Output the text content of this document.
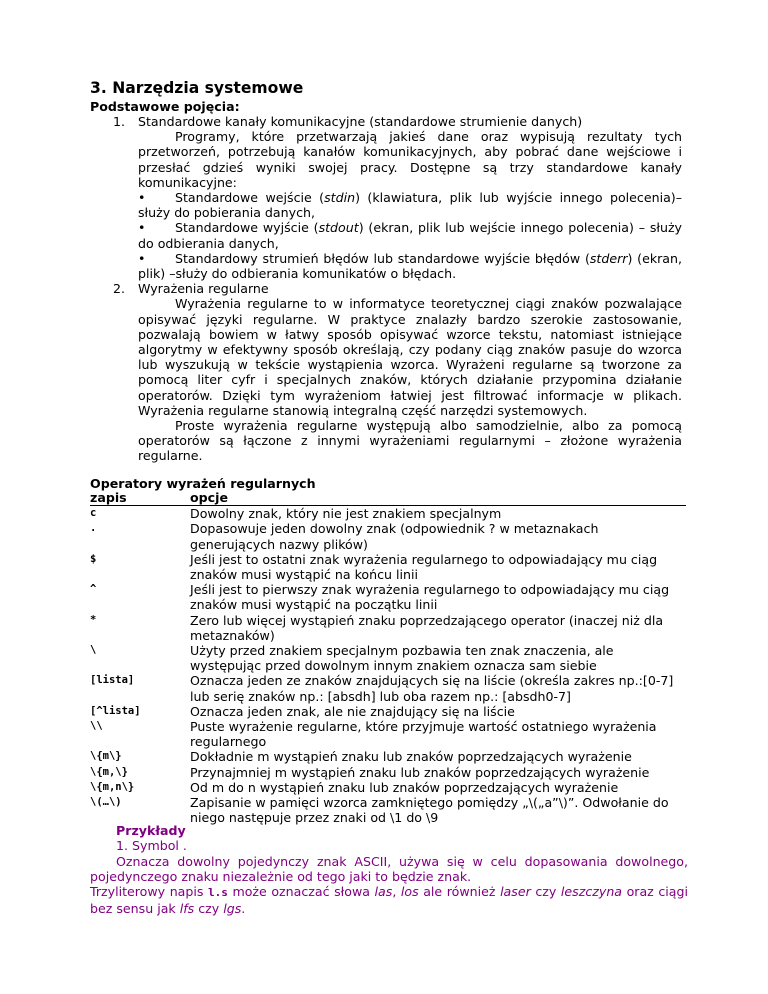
3. Narzędzia systemowe
Podstawowe pojęcia:
1. Standardowe kanały komunikacyjne (standardowe strumienie danych)
Programy, które przetwarzają jakieś dane oraz wypisują rezultaty tych przetworzeń, potrzebują kanałów komunikacyjnych, aby pobrać dane wejściowe i przesłać gdzieś wyniki swojej pracy. Dostępne są trzy standardowe kanały komunikacyjne:
• Standardowe wejście (stdin) (klawiatura, plik lub wyjście innego polecenia)–służy do pobierania danych,
• Standardowe wyjście (stdout) (ekran, plik lub wejście innego polecenia) – służy do odbierania danych,
• Standardowy strumień błędów lub standardowe wyjście błędów (stderr) (ekran, plik) –służy do odbierania komunikatów o błędach.
2. Wyrażenia regularne
Wyrażenia regularne to w informatyce teoretycznej ciągi znaków pozwalające opisywać języki regularne. W praktyce znalazły bardzo szerokie zastosowanie, pozwalają bowiem w łatwy sposób opisywać wzorce tekstu, natomiast istniejące algorytmy w efektywny sposób określają, czy podany ciąg znaków pasuje do wzorca lub wyszukują w tekście wystąpienia wzorca. Wyrażeni regularne są tworzone za pomocą liter cyfr i specjalnych znaków, których działanie przypomina działanie operatorów. Dzięki tym wyrażeniom łatwiej jest filtrować informacje w plikach. Wyrażenia regularne stanowią integralną część narzędzi systemowych.
Proste wyrażenia regularne występują albo samodzielnie, albo za pomocą operatorów są łączone z innymi wyrażeniami regularnymi – złożone wyrażenia regularne.
Operatory wyrażeń regularnych
zapis	opcje
c	Dowolny znak, który nie jest znakiem specjalnym
.	Dopasowuje jeden dowolny znak (odpowiednik ? w metaznakach generujących nazwy plików)
$	Jeśli jest to ostatni znak wyrażenia regularnego to odpowiadający mu ciąg znaków musi wystąpić na końcu linii
^	Jeśli jest to pierwszy znak wyrażenia regularnego to odpowiadający mu ciąg znaków musi wystąpić na początku linii
*	Zero lub więcej wystąpień znaku poprzedzającego operator (inaczej niż dla metaznaków)
\	Użyty przed znakiem specjalnym pozbawia ten znak znaczenia, ale występując przed dowolnym innym znakiem oznacza sam siebie
[lista]	Oznacza jeden ze znaków znajdujących się na liście (określa zakres np.:[0-7] lub serię znaków np.: [absdh] lub oba razem np.: [absdh0-7]
[^lista]	Oznacza jeden znak, ale nie znajdujący się na liście
\\	Puste wyrażenie regularne, które przyjmuje wartość ostatniego wyrażenia regularnego
\{m\}	Dokładnie m wystąpień znaku lub znaków poprzedzających wyrażenie
\{m,\}	Przynajmniej m wystąpień znaku lub znaków poprzedzających wyrażenie
\{m,n\}	Od m do n wystąpień znaku lub znaków poprzedzających wyrażenie
\(…\)	Zapisanie w pamięci wzorca zamkniętego pomiędzy „\(„a”\)”. Odwołanie do niego następuje przez znaki od \1 do \9
Przykłady
1. Symbol .
Oznacza dowolny pojedynczy znak ASCII, używa się w celu dopasowania dowolnego, pojedynczego znaku niezależnie od tego jaki to będzie znak.
Trzyliterowy napis l.s może oznaczać słowa las, los ale również laser czy leszczyna oraz ciągi bez sensu jak lfs czy lgs.
